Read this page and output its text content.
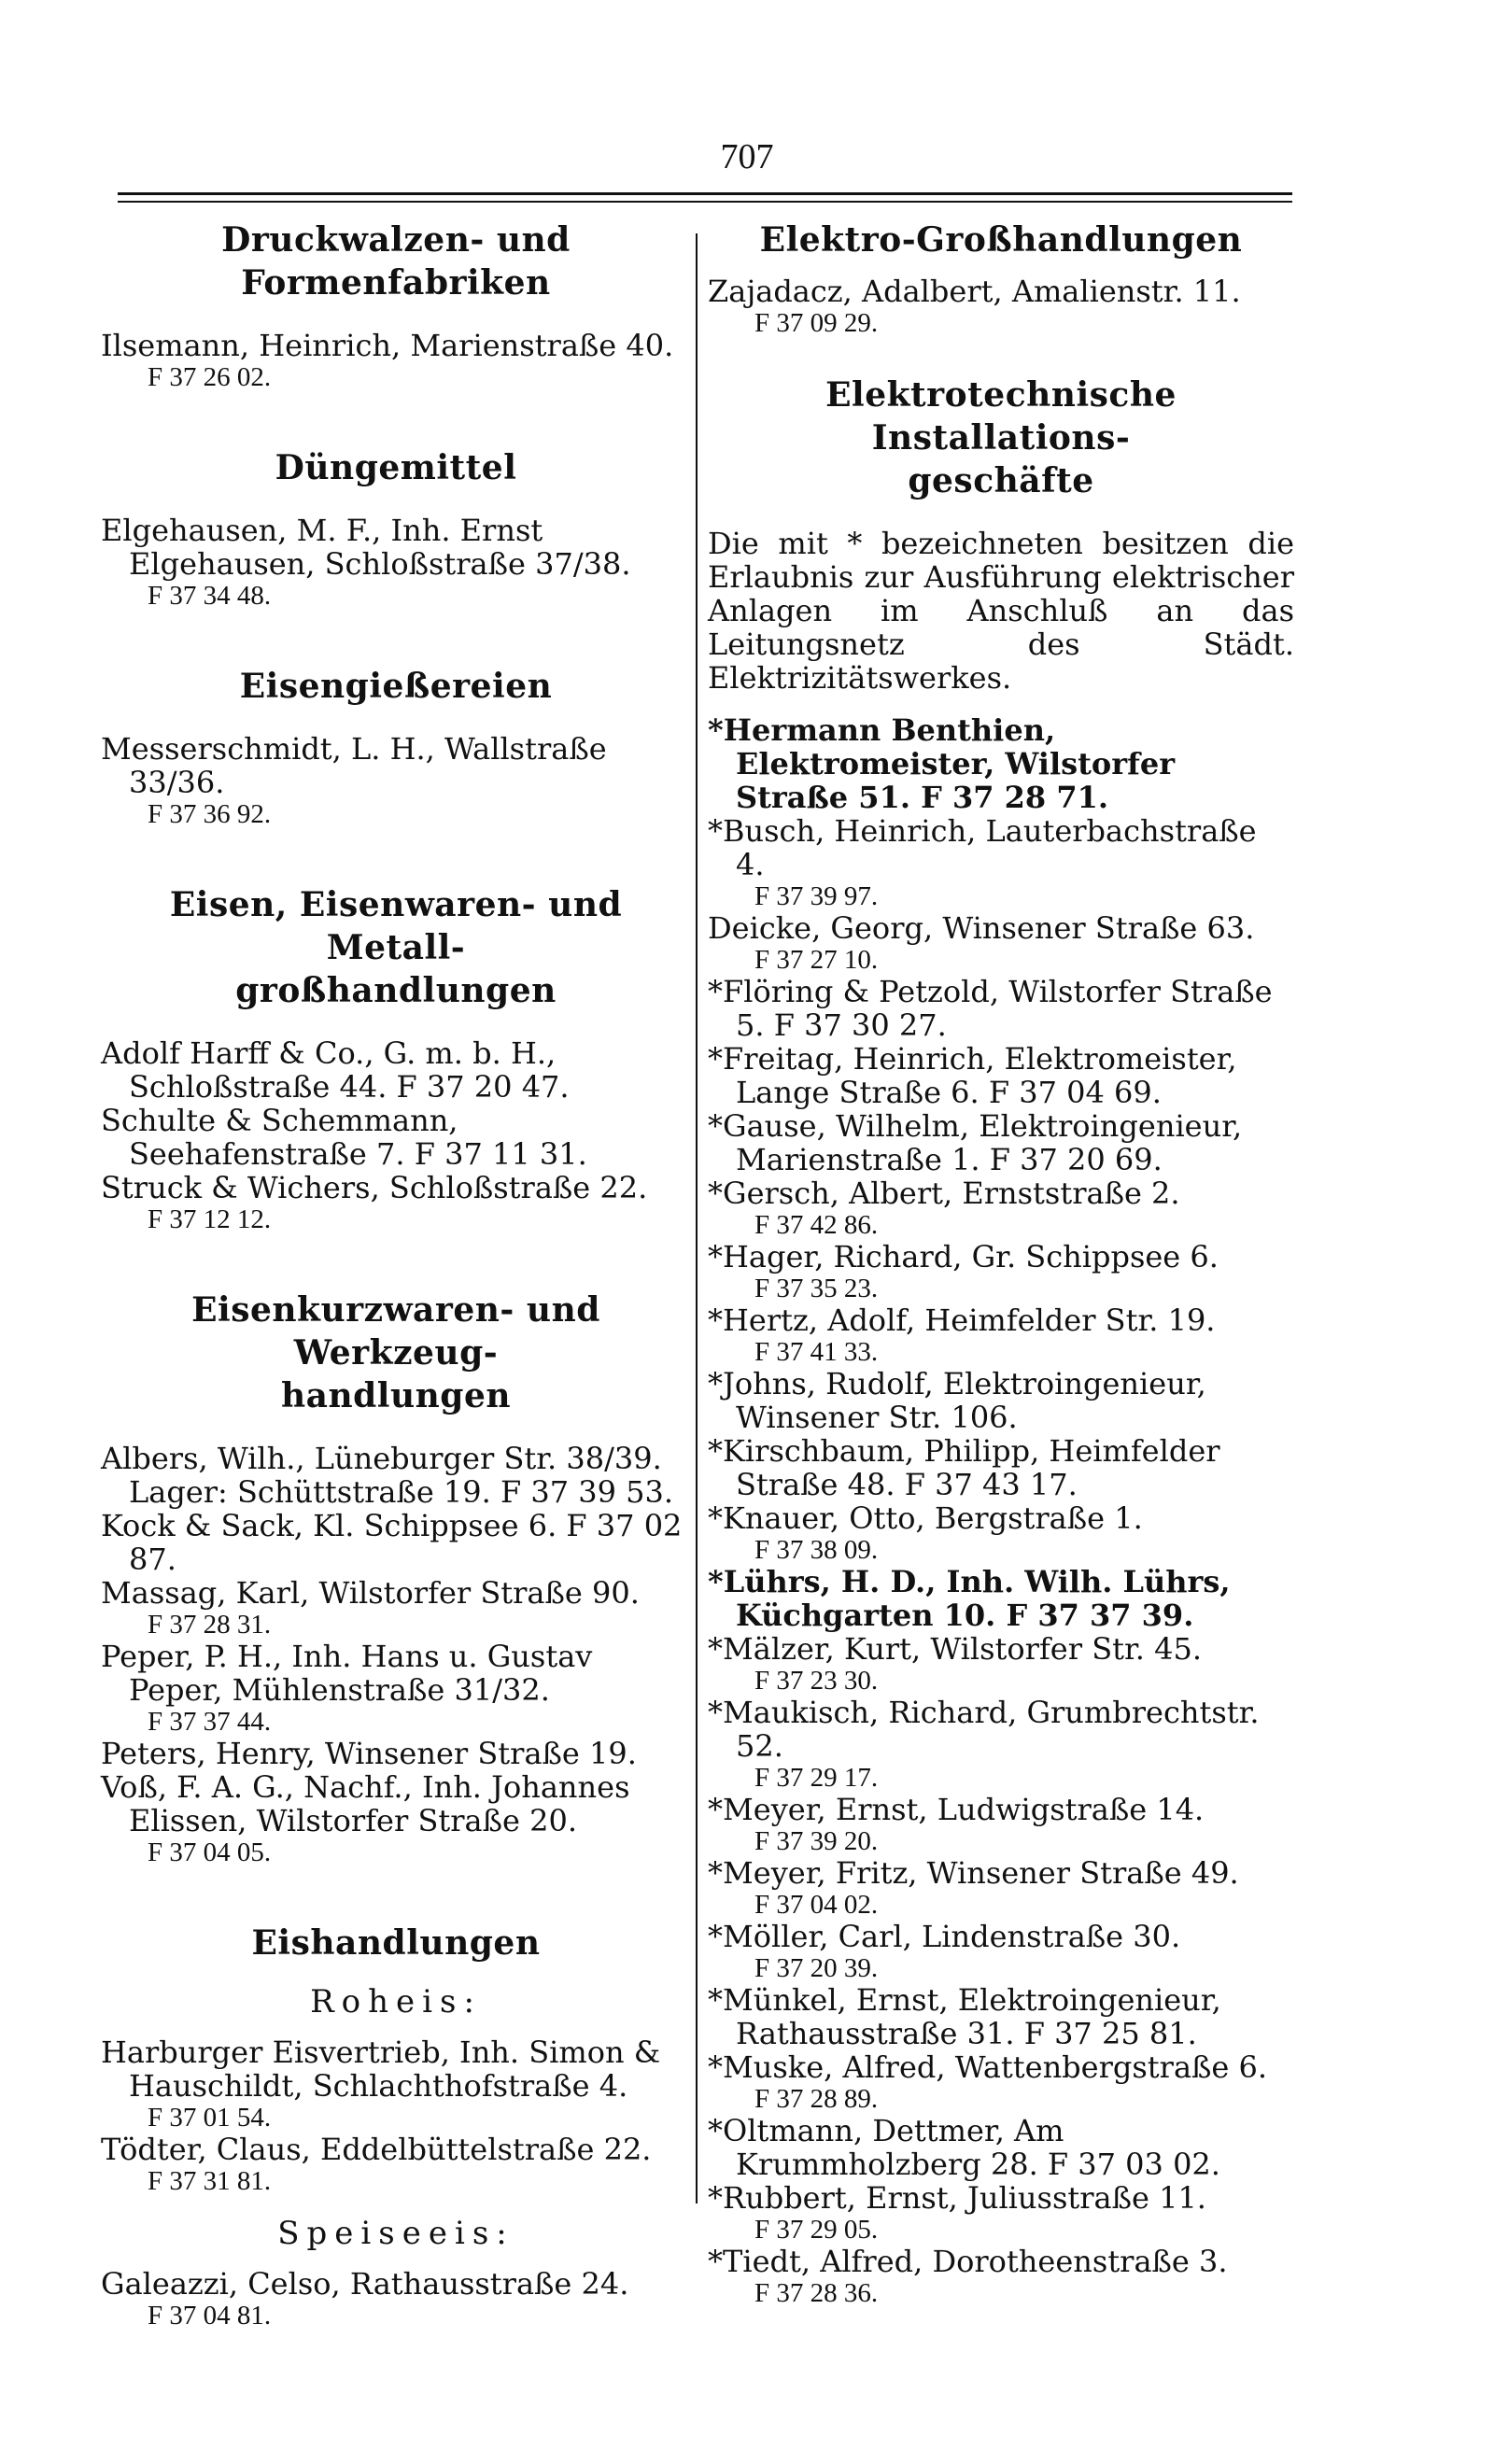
707
Druckwalzen- und
Formenfabriken

Ilsemann, Heinrich, Marienstraße 40.
F 37 26 02.

Düngemittel

Elgehausen, M. F., Inh. Ernst Elgehausen, Schloßstraße 37/38.
F 37 34 48.

Eisengießereien

Messerschmidt, L. H., Wallstraße 33/36.
F 37 36 92.

Eisen, Eisenwaren- und Metall-
großhandlungen

Adolf Harff & Co., G. m. b. H., Schloßstraße 44. F 37 20 47.

Schulte & Schemmann, Seehafenstraße 7. F 37 11 31.

Struck & Wichers, Schloßstraße 22.
F 37 12 12.

Eisenkurzwaren- und Werkzeug-
handlungen

Albers, Wilh., Lüneburger Str. 38/39. Lager: Schüttstraße 19. F 37 39 53.

Kock & Sack, Kl. Schippsee 6. F 37 02 87.

Massag, Karl, Wilstorfer Straße 90.
F 37 28 31.

Peper, P. H., Inh. Hans u. Gustav Peper, Mühlenstraße 31/32.
F 37 37 44.

Peters, Henry, Winsener Straße 19.

Voß, F. A. G., Nachf., Inh. Johannes Elissen, Wilstorfer Straße 20.
F 37 04 05.

Eishandlungen
Roheis:

Harburger Eisvertrieb, Inh. Simon & Hauschildt, Schlachthofstraße 4.
F 37 01 54.

Tödter, Claus, Eddelbüttelstraße 22.
F 37 31 81.

Speiseeis:

Galeazzi, Celso, Rathausstraße 24.
F 37 04 81.

Elektro-Großhandlungen

Zajadacz, Adalbert, Amalienstr. 11.
F 37 09 29.

Elektrotechnische Installations-
geschäfte

Die mit * bezeichneten besitzen die Erlaubnis zur Ausführung elektrischer Anlagen im Anschluß an das Leitungsnetz des Städt. Elektrizitätswerkes.

*Hermann Benthien, Elektromeister, Wilstorfer Straße 51. F 37 28 71.

*Busch, Heinrich, Lauterbachstraße 4.
F 37 39 97.

Deicke, Georg, Winsener Straße 63.
F 37 27 10.

*Flöring & Petzold, Wilstorfer Straße 5. F 37 30 27.

*Freitag, Heinrich, Elektromeister, Lange Straße 6. F 37 04 69.

*Gause, Wilhelm, Elektroingenieur, Marienstraße 1. F 37 20 69.

*Gersch, Albert, Ernststraße 2.
F 37 42 86.

*Hager, Richard, Gr. Schippsee 6.
F 37 35 23.

*Hertz, Adolf, Heimfelder Str. 19.
F 37 41 33.

*Johns, Rudolf, Elektroingenieur, Winsener Str. 106.

*Kirschbaum, Philipp, Heimfelder Straße 48. F 37 43 17.

*Knauer, Otto, Bergstraße 1.
F 37 38 09.

*Lührs, H. D., Inh. Wilh. Lührs, Küchgarten 10. F 37 37 39.

*Mälzer, Kurt, Wilstorfer Str. 45.
F 37 23 30.

*Maukisch, Richard, Grumbrechtstr. 52.
F 37 29 17.

*Meyer, Ernst, Ludwigstraße 14.
F 37 39 20.

*Meyer, Fritz, Winsener Straße 49.
F 37 04 02.

*Möller, Carl, Lindenstraße 30.
F 37 20 39.

*Münkel, Ernst, Elektroingenieur, Rathausstraße 31. F 37 25 81.

*Muske, Alfred, Wattenbergstraße 6.
F 37 28 89.

*Oltmann, Dettmer, Am Krummholzberg 28. F 37 03 02.

*Rubbert, Ernst, Juliusstraße 11.
F 37 29 05.

*Tiedt, Alfred, Dorotheenstraße 3.
F 37 28 36.
